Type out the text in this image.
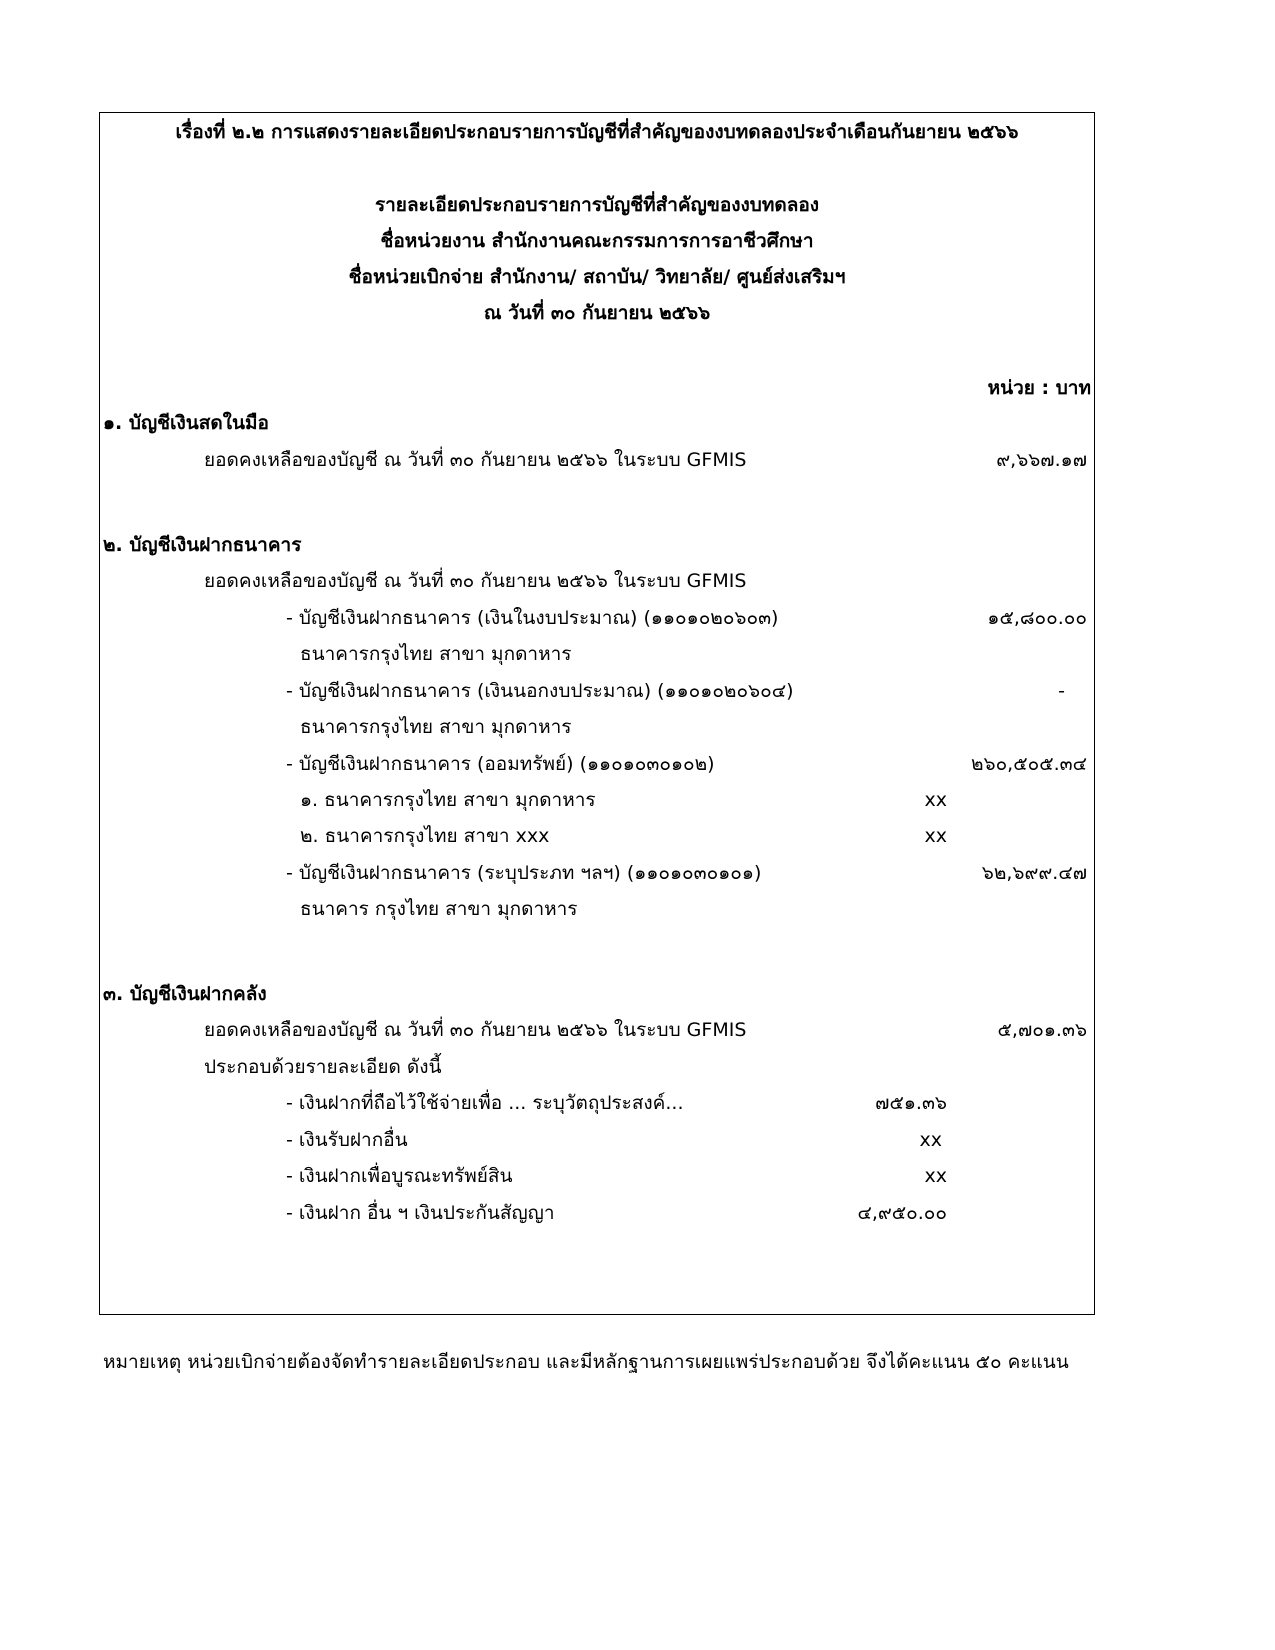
เรื่องที่ ๒.๒ การแสดงรายละเอียดประกอบรายการบัญชีที่สำคัญของงบทดลองประจำเดือนกันยายน ๒๕๖๖
รายละเอียดประกอบรายการบัญชีที่สำคัญของงบทดลอง
ชื่อหน่วยงาน สำนักงานคณะกรรมการการอาชีวศึกษา
ชื่อหน่วยเบิกจ่าย สำนักงาน/ สถาบัน/ วิทยาลัย/ ศูนย์ส่งเสริมฯ
ณ วันที่ ๓๐ กันยายน ๒๕๖๖
หน่วย : บาท
๑. บัญชีเงินสดในมือ
ยอดคงเหลือของบัญชี ณ วันที่ ๓๐ กันยายน ๒๕๖๖ ในระบบ GFMIS	๙,๖๖๗.๑๗
๒. บัญชีเงินฝากธนาคาร
ยอดคงเหลือของบัญชี ณ วันที่ ๓๐ กันยายน ๒๕๖๖ ในระบบ GFMIS
- บัญชีเงินฝากธนาคาร (เงินในงบประมาณ) (๑๑๐๑๐๒๐๖๐๓)	๑๕,๘๐๐.๐๐
ธนาคารกรุงไทย สาขา มุกดาหาร
- บัญชีเงินฝากธนาคาร (เงินนอกงบประมาณ) (๑๑๐๑๐๒๐๖๐๔)	-
ธนาคารกรุงไทย สาขา มุกดาหาร
- บัญชีเงินฝากธนาคาร (ออมทรัพย์) (๑๑๐๑๐๓๐๑๐๒)	๒๖๐,๕๐๕.๓๔
๑. ธนาคารกรุงไทย สาขา มุกดาหาร	xx
๒. ธนาคารกรุงไทย สาขา xxx	xx
- บัญชีเงินฝากธนาคาร (ระบุประภท ฯลฯ) (๑๑๐๑๐๓๐๑๐๑)	๖๒,๖๙๙.๔๗
ธนาคาร กรุงไทย สาขา มุกดาหาร
๓. บัญชีเงินฝากคลัง
ยอดคงเหลือของบัญชี ณ วันที่ ๓๐ กันยายน ๒๕๖๖ ในระบบ GFMIS	๕,๗๐๑.๓๖
ประกอบด้วยรายละเอียด ดังนี้
- เงินฝากที่ถือไว้ใช้จ่ายเพื่อ ... ระบุวัตถุประสงค์...	๗๕๑.๓๖
- เงินรับฝากอื่น	xx
- เงินฝากเพื่อบูรณะทรัพย์สิน	xx
- เงินฝาก อื่น ฯ เงินประกันสัญญา	๔,๙๕๐.๐๐
หมายเหตุ หน่วยเบิกจ่ายต้องจัดทำรายละเอียดประกอบ และมีหลักฐานการเผยแพร่ประกอบด้วย จึงได้คะแนน ๕๐ คะแนน
